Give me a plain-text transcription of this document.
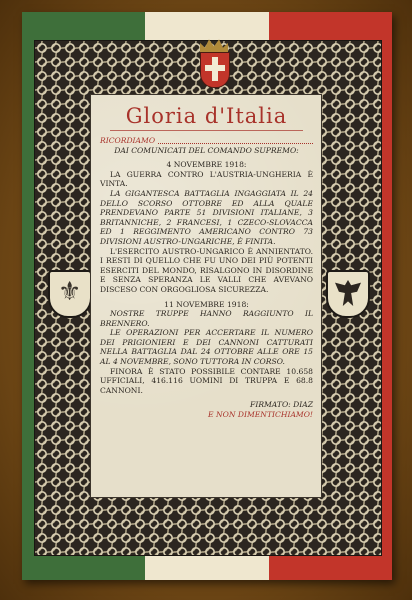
⚜
Gloria d'Italia
RICORDIAMO

DAI COMUNICATI DEL COMANDO SUPREMO:

4 NOVEMBRE 1918:

LA GUERRA CONTRO L'AUSTRIA-UNGHERIA È VINTA.

LA GIGANTESCA BATTAGLIA INGAGGIATA IL 24 DELLO SCORSO OTTOBRE ED ALLA QUALE PRENDEVANO PARTE 51 DIVISIONI ITALIANE, 3 BRITANNICHE, 2 FRANCESI, 1 CZECO-SLOVACCA ED 1 REGGIMENTO AMERICANO CONTRO 73 DIVISIONI AUSTRO-UNGARICHE, È FINITA.

L'ESERCITO AUSTRO-UNGARICO È ANNIENTATO. I RESTI DI QUELLO CHE FU UNO DEI PIÙ POTENTI ESERCITI DEL MONDO, RISALGONO IN DISORDINE E SENZA SPERANZA LE VALLI CHE AVEVANO DISCESO CON ORGOGLIOSA SICUREZZA.

11 NOVEMBRE 1918:

NOSTRE TRUPPE HANNO RAGGIUNTO IL BRENNERO.

LE OPERAZIONI PER ACCERTARE IL NUMERO DEI PRIGIONIERI E DEI CANNONI CATTURATI NELLA BATTAGLIA DAL 24 OTTOBRE ALLE ORE 15 AL 4 NOVEMBRE, SONO TUTTORA IN CORSO.

FINORA È STATO POSSIBILE CONTARE 10.658 UFFICIALI, 416.116 UOMINI DI TRUPPA E 68.8 CANNONI.

FIRMATO: DIAZ

E NON DIMENTICHIAMO!
